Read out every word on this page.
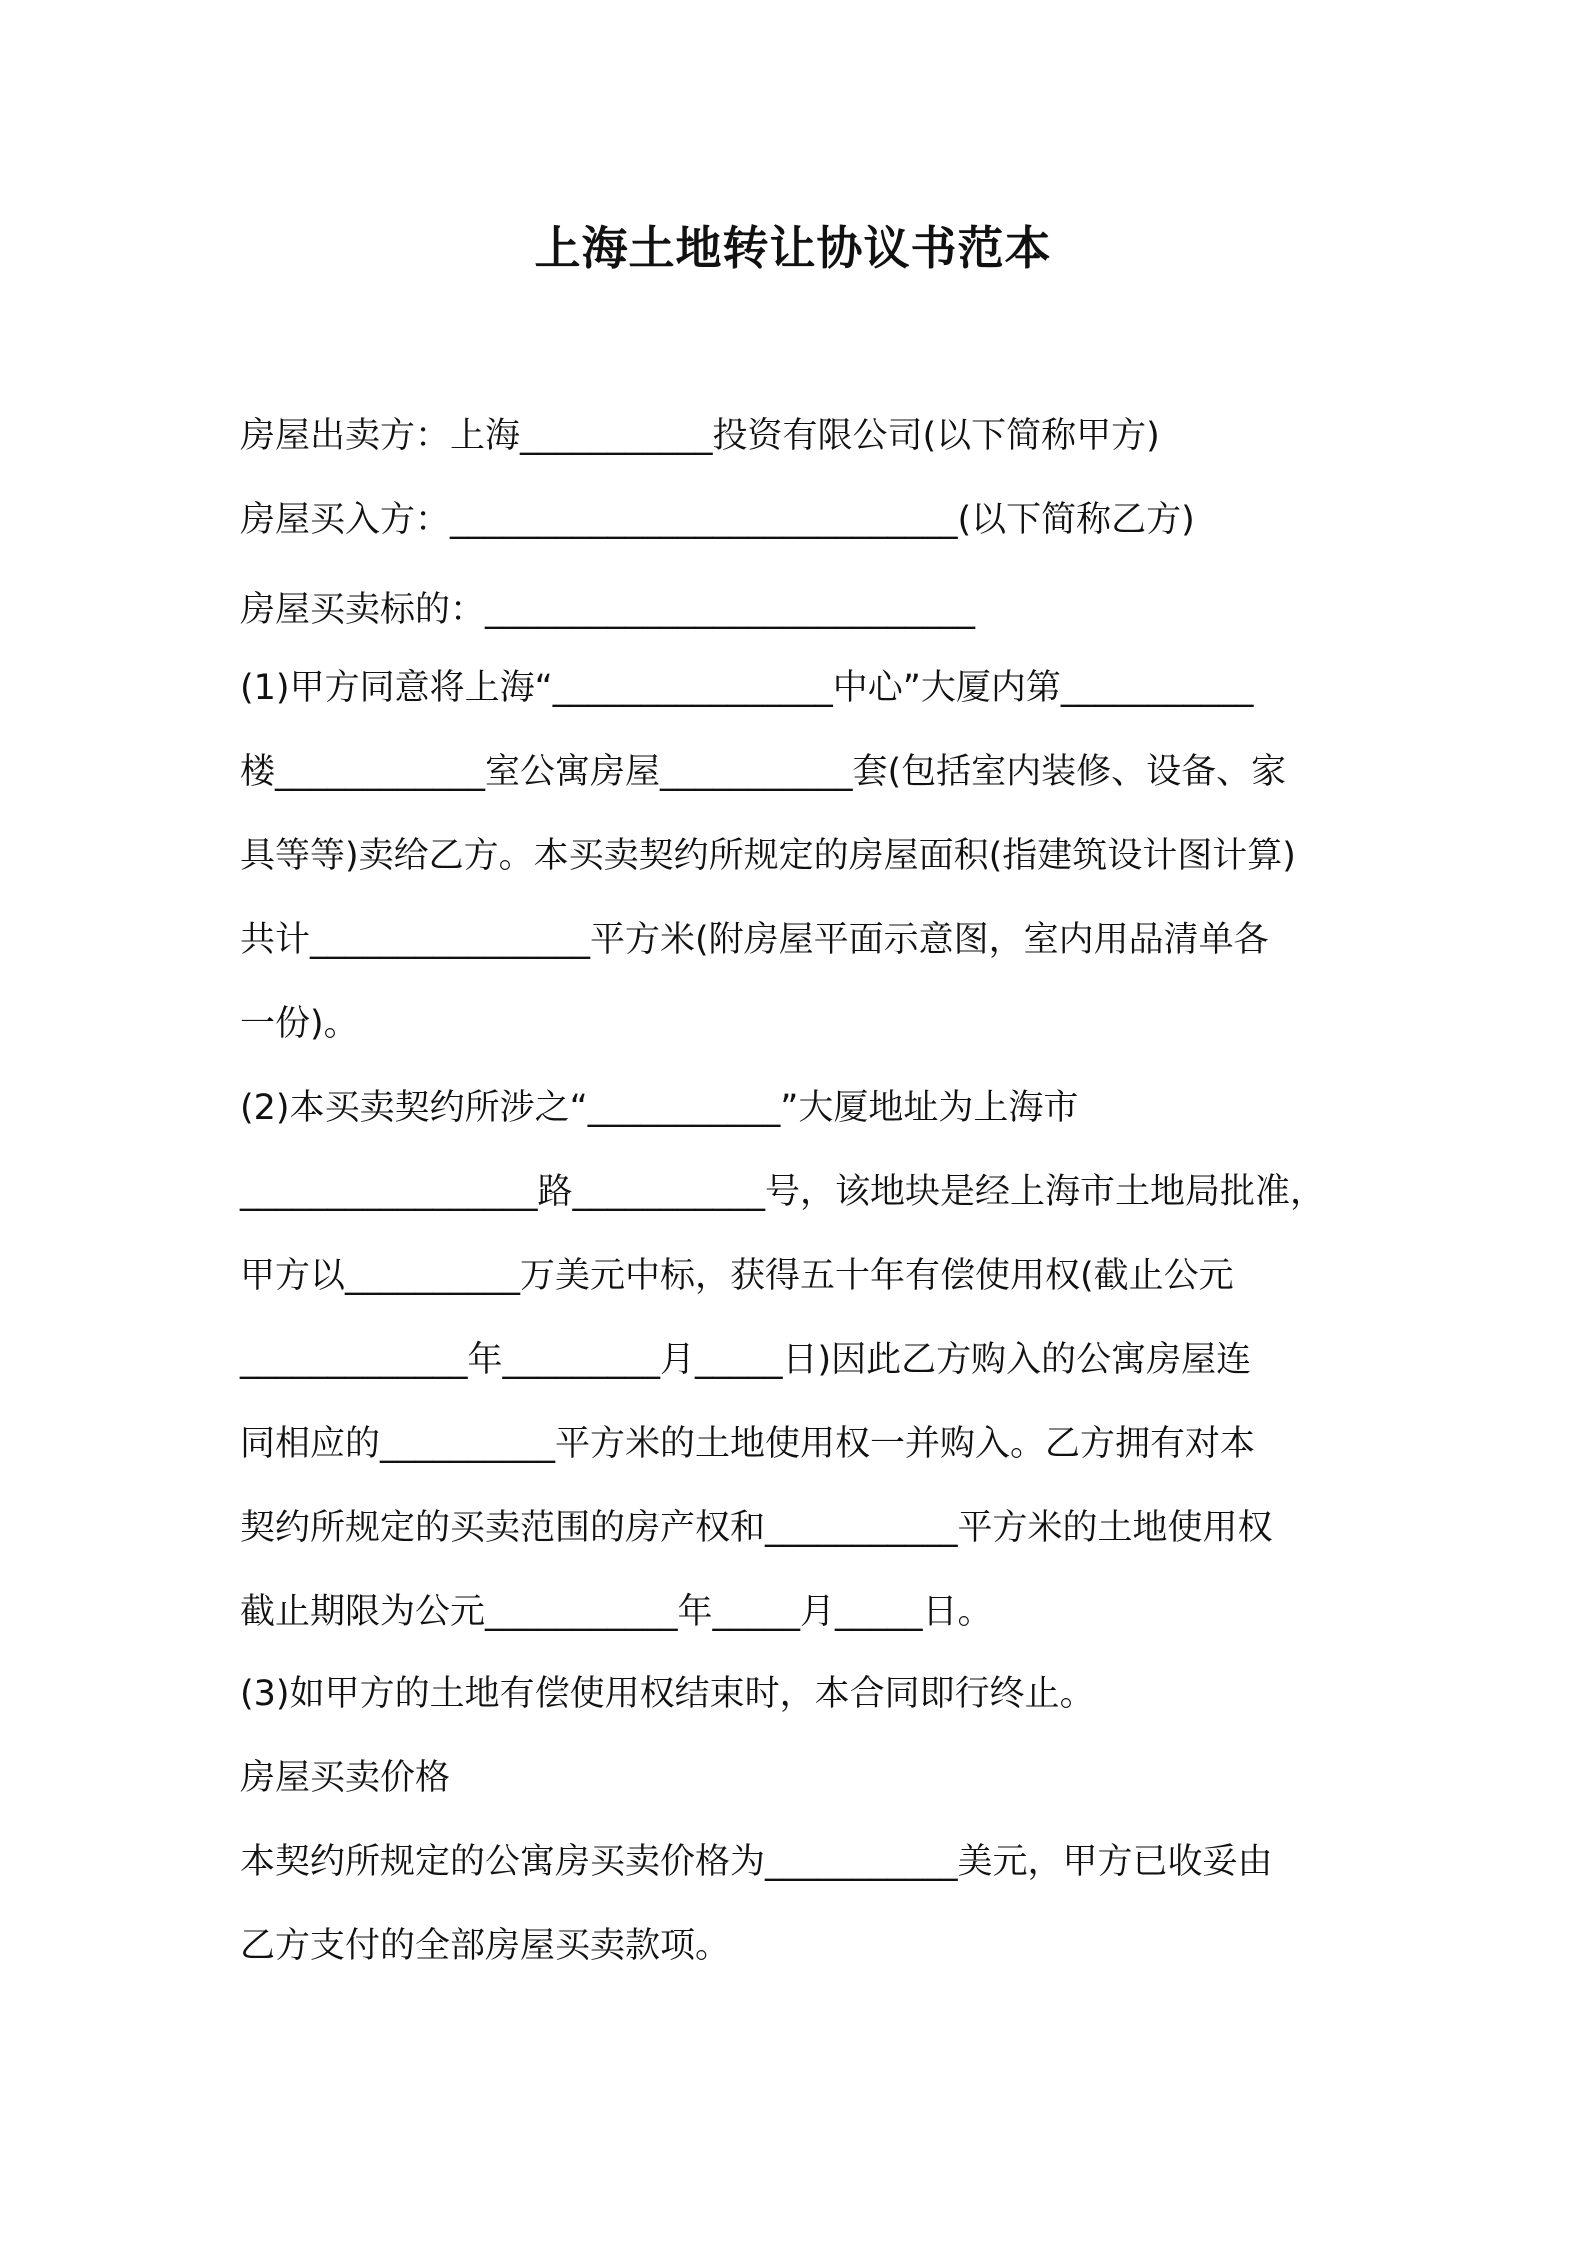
上海土地转让协议书范本
房屋出卖方：上海___________投资有限公司(以下简称甲方)
房屋买入方：_____________________________(以下简称乙方)
房屋买卖标的：____________________________
(1)甲方同意将上海“________________中心”大厦内第___________
楼____________室公寓房屋___________套(包括室内装修、设备、家
具等等)卖给乙方。本买卖契约所规定的房屋面积(指建筑设计图计算)
共计________________平方米(附房屋平面示意图，室内用品清单各
一份)。
(2)本买卖契约所涉之“___________”大厦地址为上海市
_________________路___________号，该地块是经上海市土地局批准，
甲方以__________万美元中标，获得五十年有偿使用权(截止公元
_____________年_________月_____日)因此乙方购入的公寓房屋连
同相应的__________平方米的土地使用权一并购入。乙方拥有对本
契约所规定的买卖范围的房产权和___________平方米的土地使用权
截止期限为公元___________年_____月_____日。
(3)如甲方的土地有偿使用权结束时，本合同即行终止。
房屋买卖价格
本契约所规定的公寓房买卖价格为___________美元，甲方已收妥由
乙方支付的全部房屋买卖款项。
